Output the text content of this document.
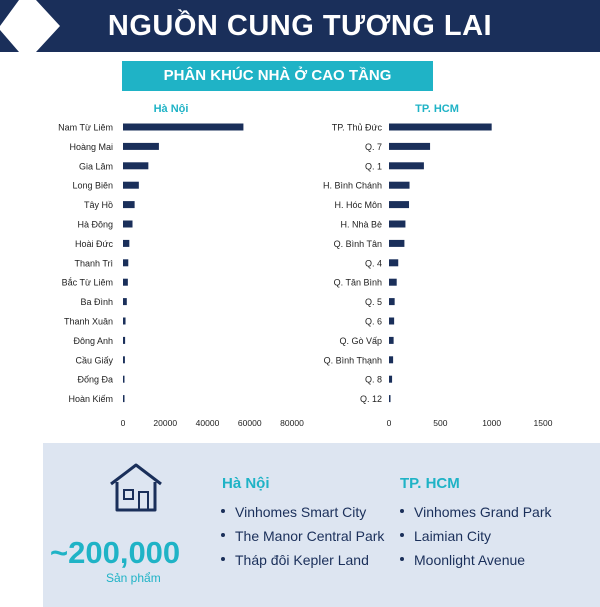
NGUỒN CUNG TƯƠNG LAI
PHÂN KHÚC NHÀ Ở CAO TẦNG
Hà Nội
Nam Từ Liêm
Hoàng Mai
Gia Lâm
Long Biên
Tây Hồ
Hà Đông
Hoài Đức
Thanh Trì
Bắc Từ Liêm
Ba Đình
Thanh Xuân
Đông Anh
Cầu Giấy
Đống Đa
Hoàn Kiếm
0	20000 40000 60000 80000
TP. HCM
TP. Thủ Đức
Q. 7
Q. 1
H. Bình Chánh
H. Hóc Môn
H. Nhà Bè
Q. Bình Tân
Q. 4
Q. Tân Bình
Q. 5
Q. 6
Q. Gò Vấp
Q. Bình Thạnh
Q. 8
Q. 12
0	500	1000	1500
~200,000
Sản phẩm
Hà Nội
Vinhomes Smart City
The Manor Central Park
Tháp đôi Kepler Land
TP. HCM
Vinhomes Grand Park
Laimian City
Moonlight Avenue
